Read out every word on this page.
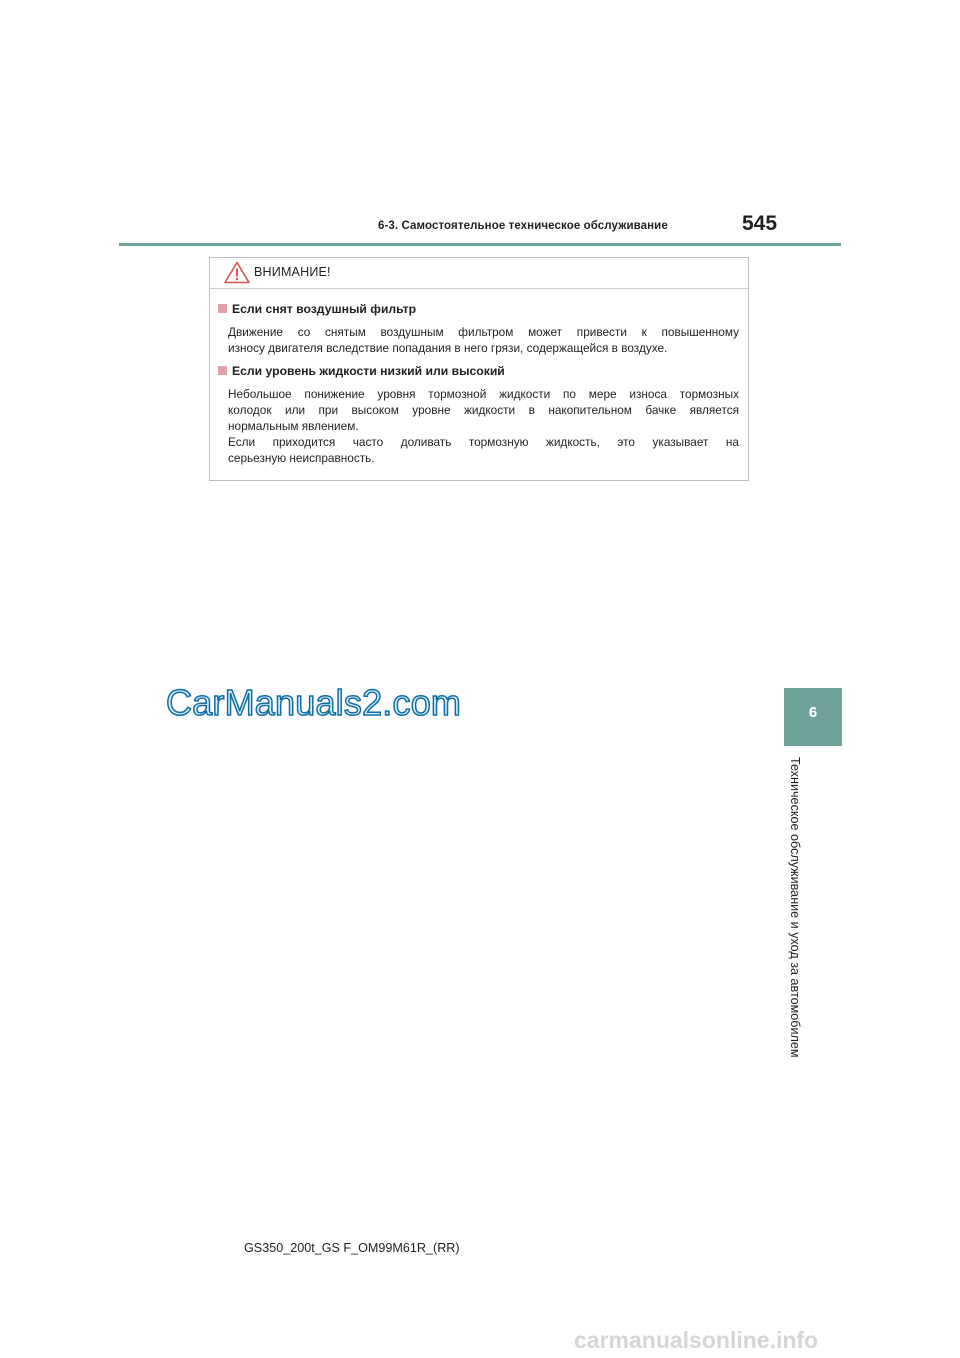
6-3. Самостоятельное техническое обслуживание	545
ВНИМАНИЕ!
Если снят воздушный фильтр

Движение со снятым воздушным фильтром может привести к повышенному

износу двигателя вследствие попадания в него грязи, содержащейся в воздухе.

Если уровень жидкости низкий или высокий

Небольшое понижение уровня тормозной жидкости по мере износа тормозных

колодок или при высоком уровне жидкости в накопительном бачке является

нормальным явлением.

Если приходится часто доливать тормозную жидкость, это указывает на

серьезную неисправность.

CarManuals2.com	6
Техническое обслуживание и уход за автомобилем
GS350_200t_GS F_OM99M61R_(RR)
carmanualsonline.info
